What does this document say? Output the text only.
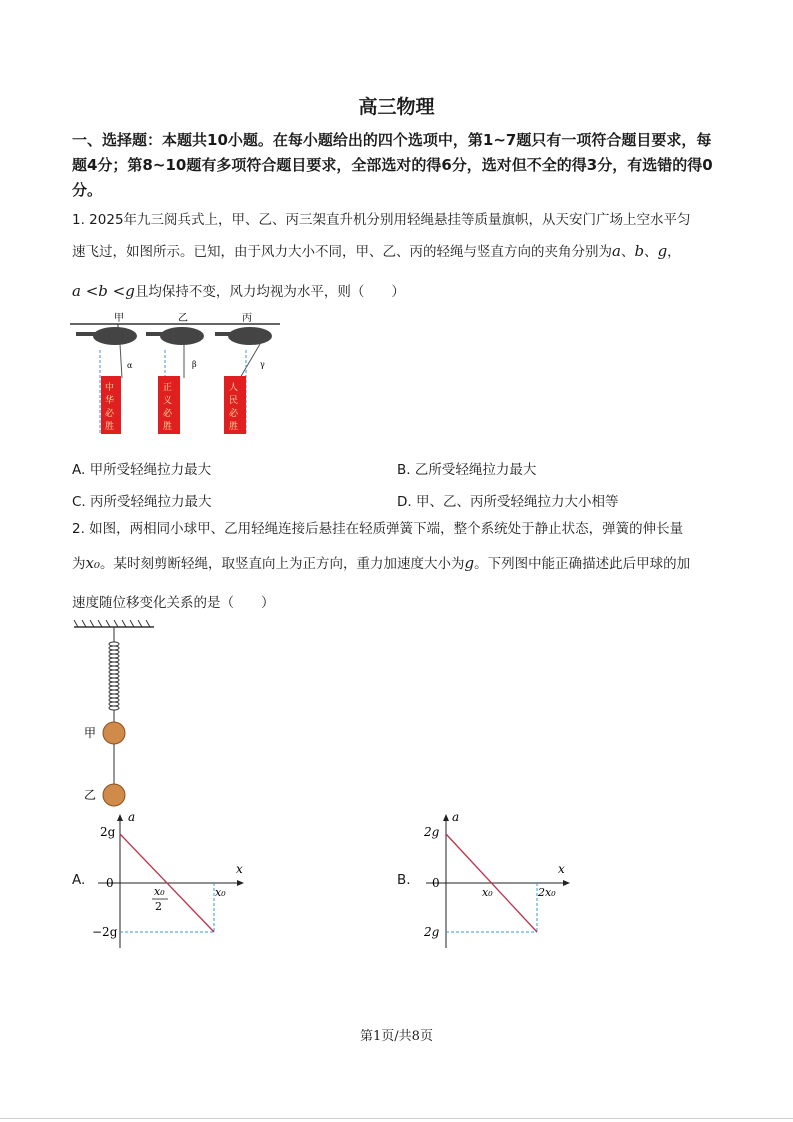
高三物理
一、选择题：本题共10小题。在每小题给出的四个选项中，第1~7题只有一项符合题目要求，每题4分；第8~10题有多项符合题目要求，全部选对的得6分，选对但不全的得3分，有选错的得0分。
1. 2025年九三阅兵式上，甲、乙、丙三架直升机分别用轻绳悬挂等质量旗帜，从天安门广场上空水平匀
速飞过，如图所示。已知，由于风力大小不同，甲、乙、丙的轻绳与竖直方向的夹角分别为a、b、g，
a <b <g且均保持不变，风力均视为水平，则（　　）
甲
α
中
华
必
胜
乙
β
正
义
必
胜
丙
γ
人
民
必
胜
A. 甲所受轻绳拉力最大	B. 乙所受轻绳拉力最大
C. 丙所受轻绳拉力最大	D. 甲、乙、丙所受轻绳拉力大小相等
2. 如图，两相同小球甲、乙用轻绳连接后悬挂在轻质弹簧下端，整个系统处于静止状态，弹簧的伸长量
为x₀。某时刻剪断轻绳，取竖直向上为正方向，重力加速度大小为g。下列图中能正确描述此后甲球的加
速度随位移变化关系的是（　　）
甲
乙
A.
a
x
2g
0
−2g
x₀
2
x₀
B.
a
x
2g
0
2g
x₀	2x₀
第1页/共8页
